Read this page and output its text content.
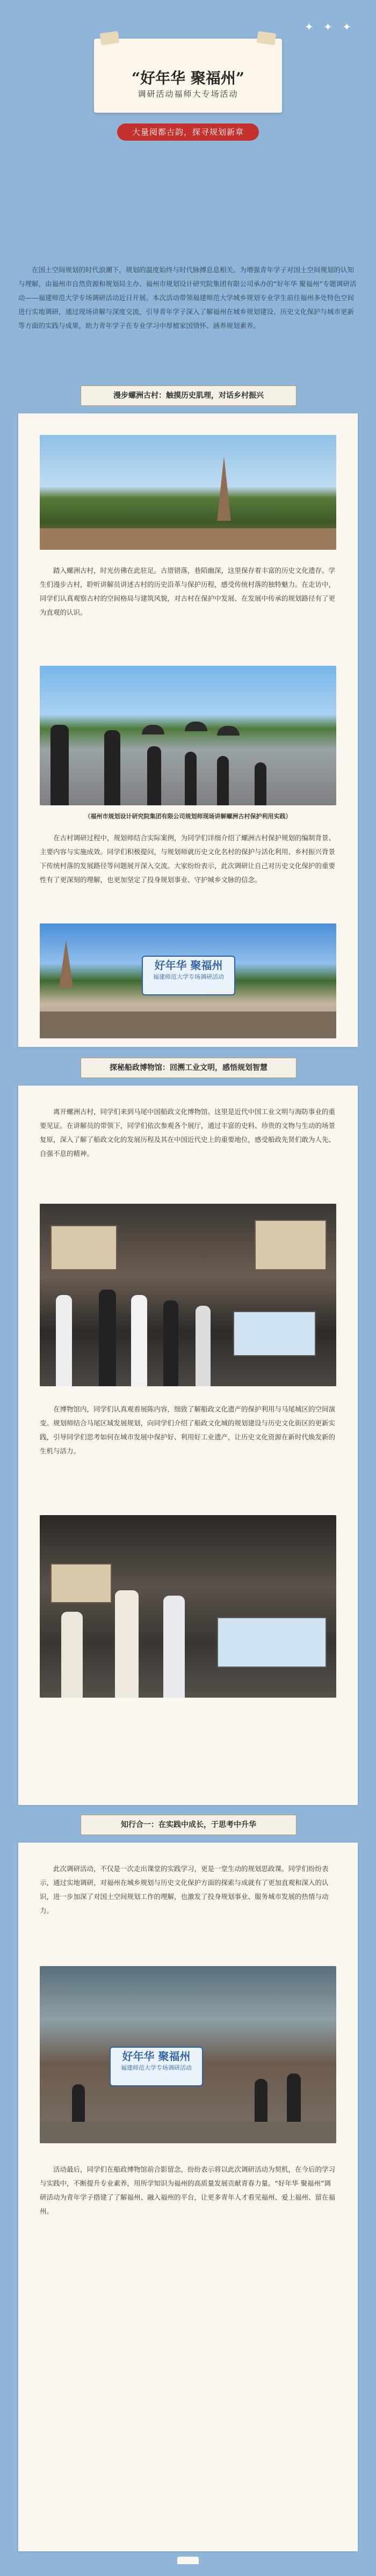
✦ ✦ ✦
“好年华 聚福州”
调研活动福师大专场活动
大量阅都古韵，探寻规划新章
在国土空间规划的时代浪潮下，规划的温度始终与时代脉搏息息相关。为增强青年学子对国土空间规划的认知与理解，由福州市自然资源和规划局主办、福州市规划设计研究院集团有限公司承办的“好年华 聚福州”专题调研活动——福建师范大学专场调研活动近日开展。本次活动带领福建师范大学城乡规划专业学生前往福州多处特色空间进行实地调研，通过现场讲解与深度交流，引导青年学子深入了解福州在城乡规划建设、历史文化保护与城市更新等方面的实践与成果，助力青年学子在专业学习中厚植家国情怀、涵养规划素养。
漫步螺洲古村：触摸历史肌理，对话乡村振兴
踏入螺洲古村，时光仿佛在此驻足。古厝错落，巷陌幽深，这里保存着丰富的历史文化遗存。学生们漫步古村，聆听讲解员讲述古村的历史沿革与保护历程，感受传统村落的独特魅力。在走访中，同学们认真观察古村的空间格局与建筑风貌，对古村在保护中发展、在发展中传承的规划路径有了更为直观的认识。
（福州市规划设计研究院集团有限公司规划师现场讲解螺洲古村保护利用实践）
在古村调研过程中，规划师结合实际案例，为同学们详细介绍了螺洲古村保护规划的编制背景、主要内容与实施成效。同学们积极提问，与规划师就历史文化名村的保护与活化利用、乡村振兴背景下传统村落的发展路径等问题展开深入交流。大家纷纷表示，此次调研让自己对历史文化保护的重要性有了更深刻的理解，也更加坚定了投身规划事业、守护城乡文脉的信念。
好年华 聚福州
福建师范大学专场调研活动
探秘船政博物馆：回溯工业文明，感悟规划智慧
离开螺洲古村，同学们来到马尾中国船政文化博物馆。这里是近代中国工业文明与海防事业的重要见证。在讲解员的带领下，同学们依次参观各个展厅，通过丰富的史料、珍贵的文物与生动的场景复原，深入了解了船政文化的发展历程及其在中国近代史上的重要地位，感受船政先贤们敢为人先、自强不息的精神。
在博物馆内，同学们认真观看展陈内容，细致了解船政文化遗产的保护利用与马尾城区的空间演变。规划师结合马尾区域发展规划，向同学们介绍了船政文化城的规划建设与历史文化街区的更新实践，引导同学们思考如何在城市发展中保护好、利用好工业遗产，让历史文化资源在新时代焕发新的生机与活力。
知行合一：在实践中成长，于思考中升华
此次调研活动，不仅是一次走出课堂的实践学习，更是一堂生动的规划思政课。同学们纷纷表示，通过实地调研，对福州在城乡规划与历史文化保护方面的探索与成就有了更加直观和深入的认识，进一步加深了对国土空间规划工作的理解，也激发了投身规划事业、服务城市发展的热情与动力。
好年华 聚福州
福建师范大学专场调研活动
活动最后，同学们在船政博物馆前合影留念，纷纷表示将以此次调研活动为契机，在今后的学习与实践中，不断提升专业素养，用所学知识为福州的高质量发展贡献青春力量。“好年华 聚福州”调研活动为青年学子搭建了了解福州、融入福州的平台，让更多青年人才看见福州、爱上福州、留在福州。
